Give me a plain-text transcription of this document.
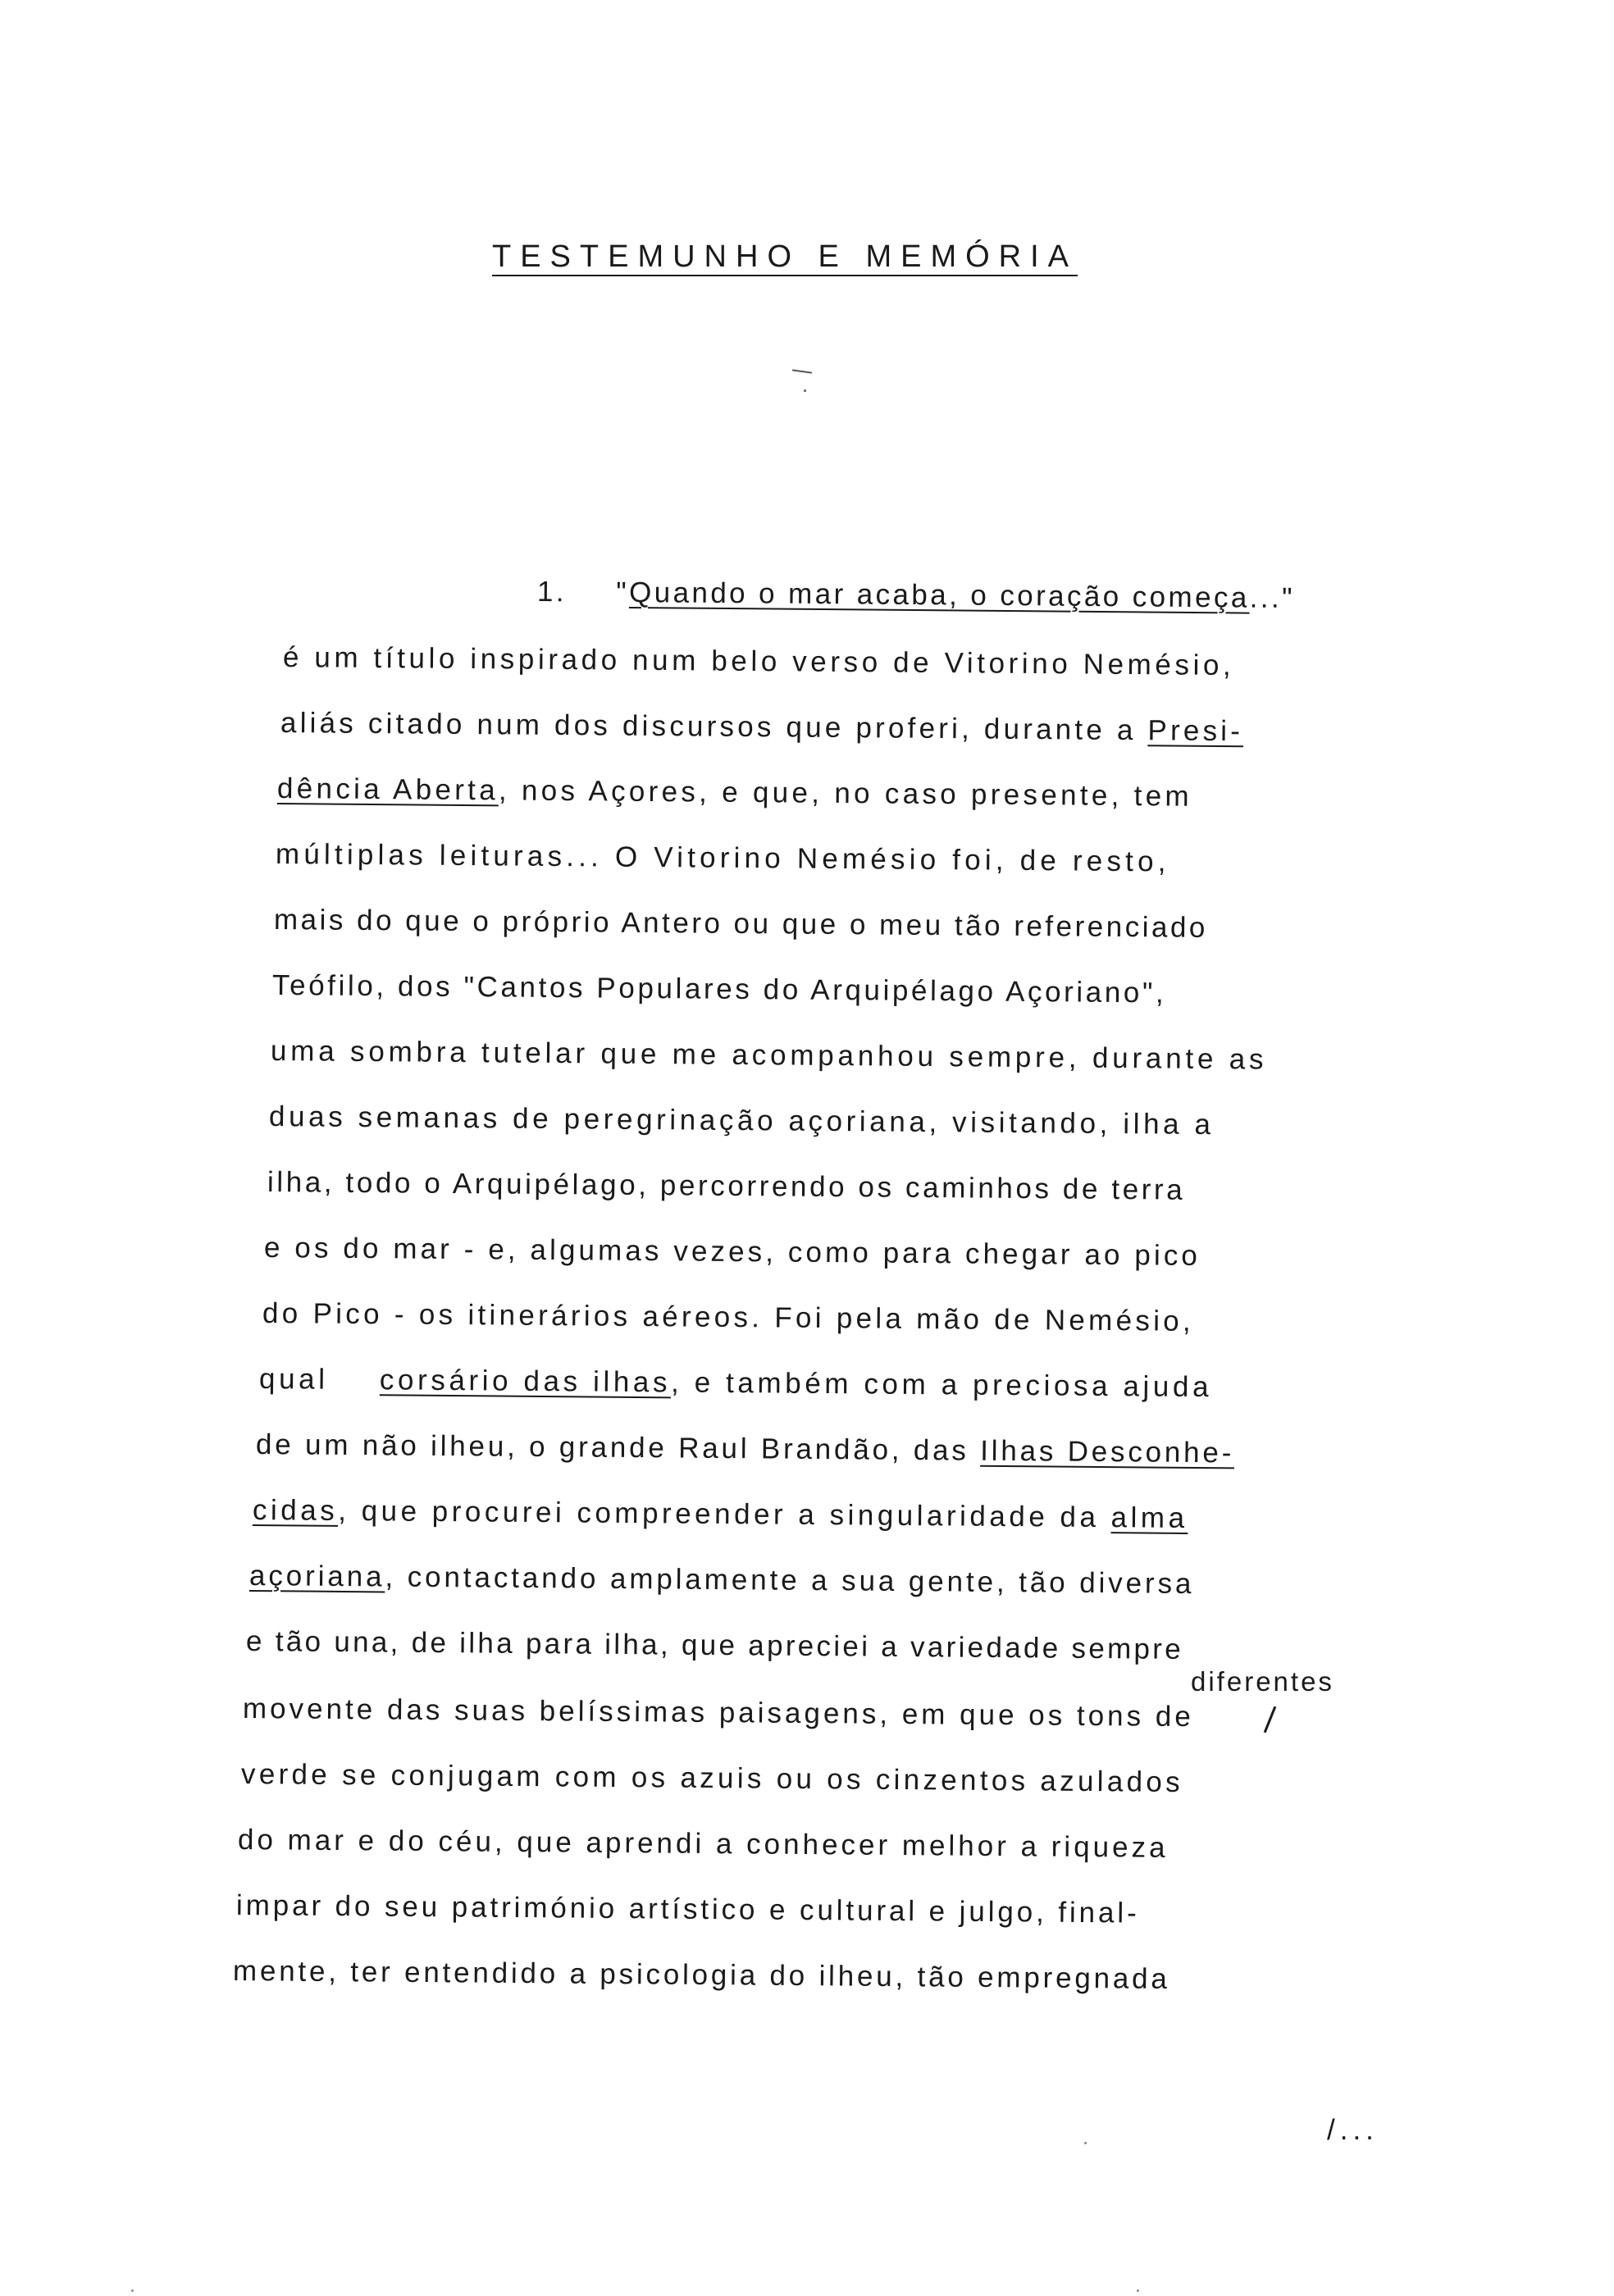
TESTEMUNHO E MEMÓRIA
1. "Quando o mar acaba, o coração começa..."
é um título inspirado num belo verso de Vitorino Nemésio,
aliás citado num dos discursos que proferi, durante a Presi-
dência Aberta, nos Açores, e que, no caso presente, tem
múltiplas leituras... O Vitorino Nemésio foi, de resto,
mais do que o próprio Antero ou que o meu tão referenciado
Teófilo, dos "Cantos Populares do Arquipélago Açoriano",
uma sombra tutelar que me acompanhou sempre, durante as
duas semanas de peregrinação açoriana, visitando, ilha a
ilha, todo o Arquipélago, percorrendo os caminhos de terra
e os do mar - e, algumas vezes, como para chegar ao pico
do Pico - os itinerários aéreos. Foi pela mão de Nemésio,
qual corsário das ilhas, e também com a preciosa ajuda
de um não ilheu, o grande Raul Brandão, das Ilhas Desconhe-
cidas, que procurei compreender a singularidade da alma
açoriana, contactando amplamente a sua gente, tão diversa
e tão una, de ilha para ilha, que apreciei a variedade sempre
diferentes
movente das suas belíssimas paisagens, em que os tons de
verde se conjugam com os azuis ou os cinzentos azulados
do mar e do céu, que aprendi a conhecer melhor a riqueza
impar do seu património artístico e cultural e julgo, final-
mente, ter entendido a psicologia do ilheu, tão empregnada
/...
